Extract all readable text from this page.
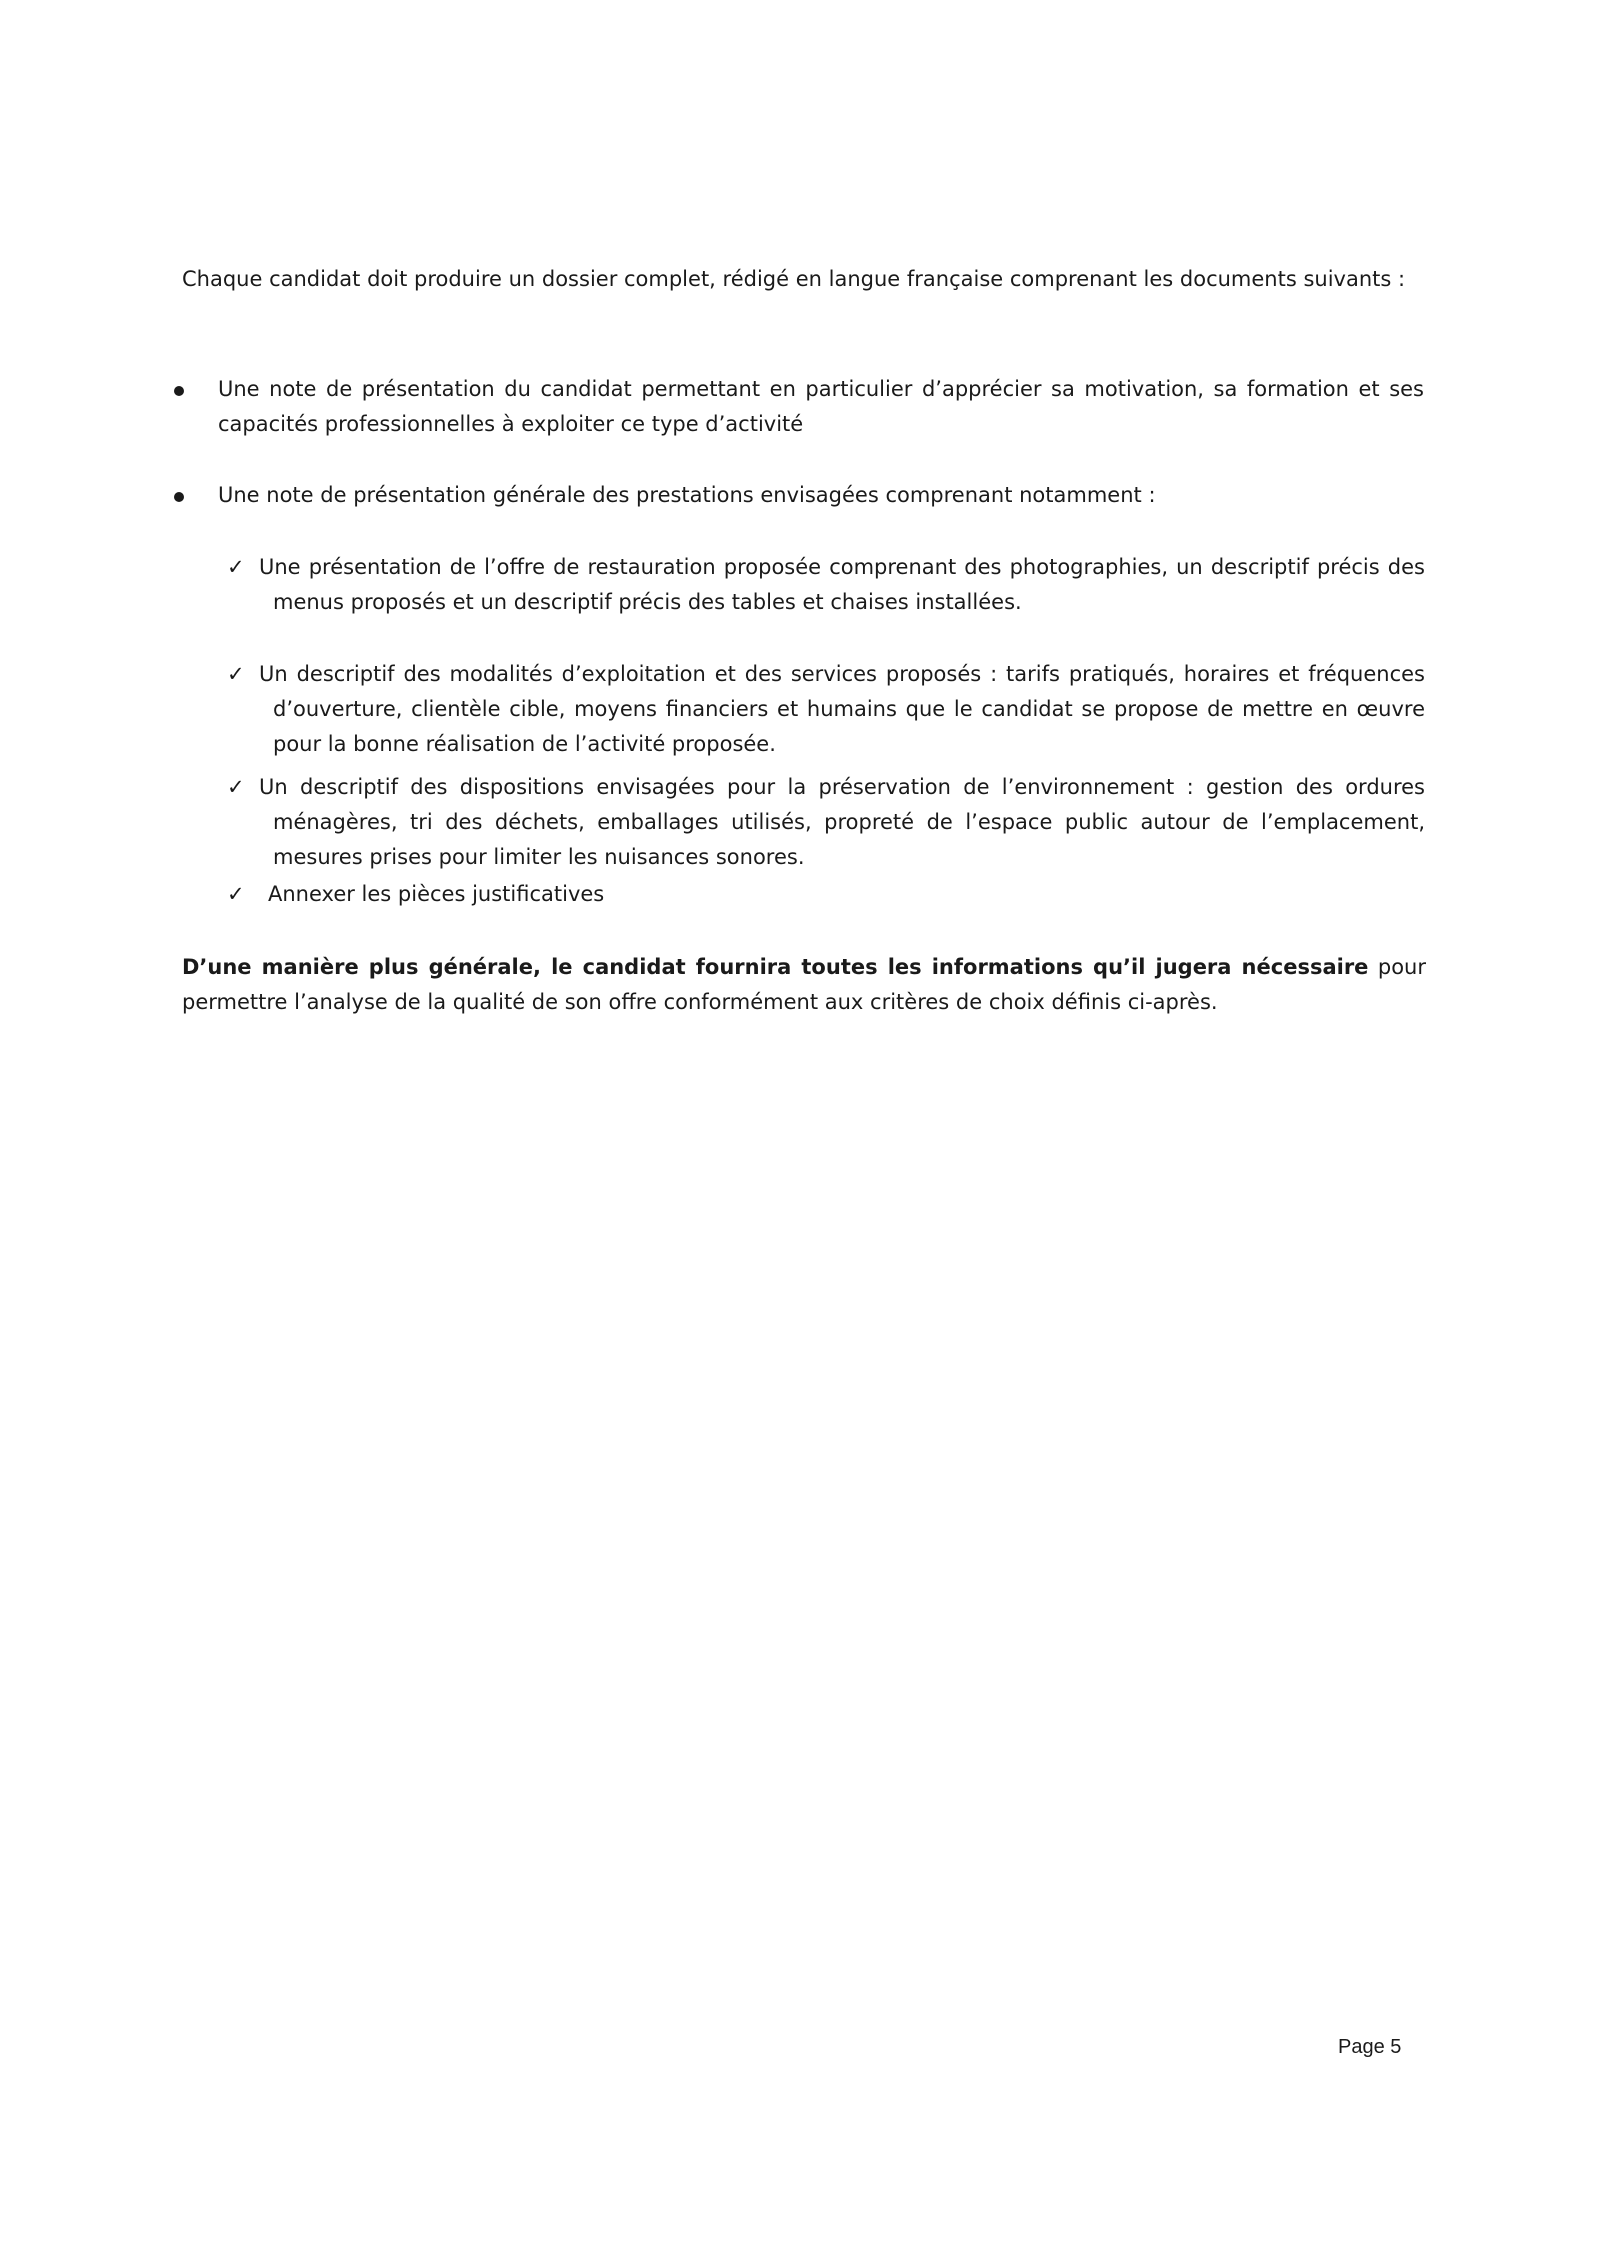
Chaque candidat doit produire un dossier complet, rédigé en langue française comprenant les documents suivants :

Une note de présentation du candidat permettant en particulier d’apprécier sa motivation, sa formation et ses capacités professionnelles à exploiter ce type d’activité

Une note de présentation générale des prestations envisagées comprenant notamment :

✓ Une présentation de l’offre de restauration proposée comprenant des photographies, un descriptif précis des menus proposés et un descriptif précis des tables et chaises installées.

✓ Un descriptif des modalités d’exploitation et des services proposés : tarifs pratiqués, horaires et fréquences d’ouverture, clientèle cible, moyens financiers et humains que le candidat se propose de mettre en œuvre pour la bonne réalisation de l’activité proposée.

✓ Un descriptif des dispositions envisagées pour la préservation de l’environnement : gestion des ordures ménagères, tri des déchets, emballages utilisés, propreté de l’espace public autour de l’emplacement, mesures prises pour limiter les nuisances sonores.

✓ Annexer les pièces justificatives

D’une manière plus générale, le candidat fournira toutes les informations qu’il jugera nécessaire pour permettre l’analyse de la qualité de son offre conformément aux critères de choix définis ci-après.

Page 5
